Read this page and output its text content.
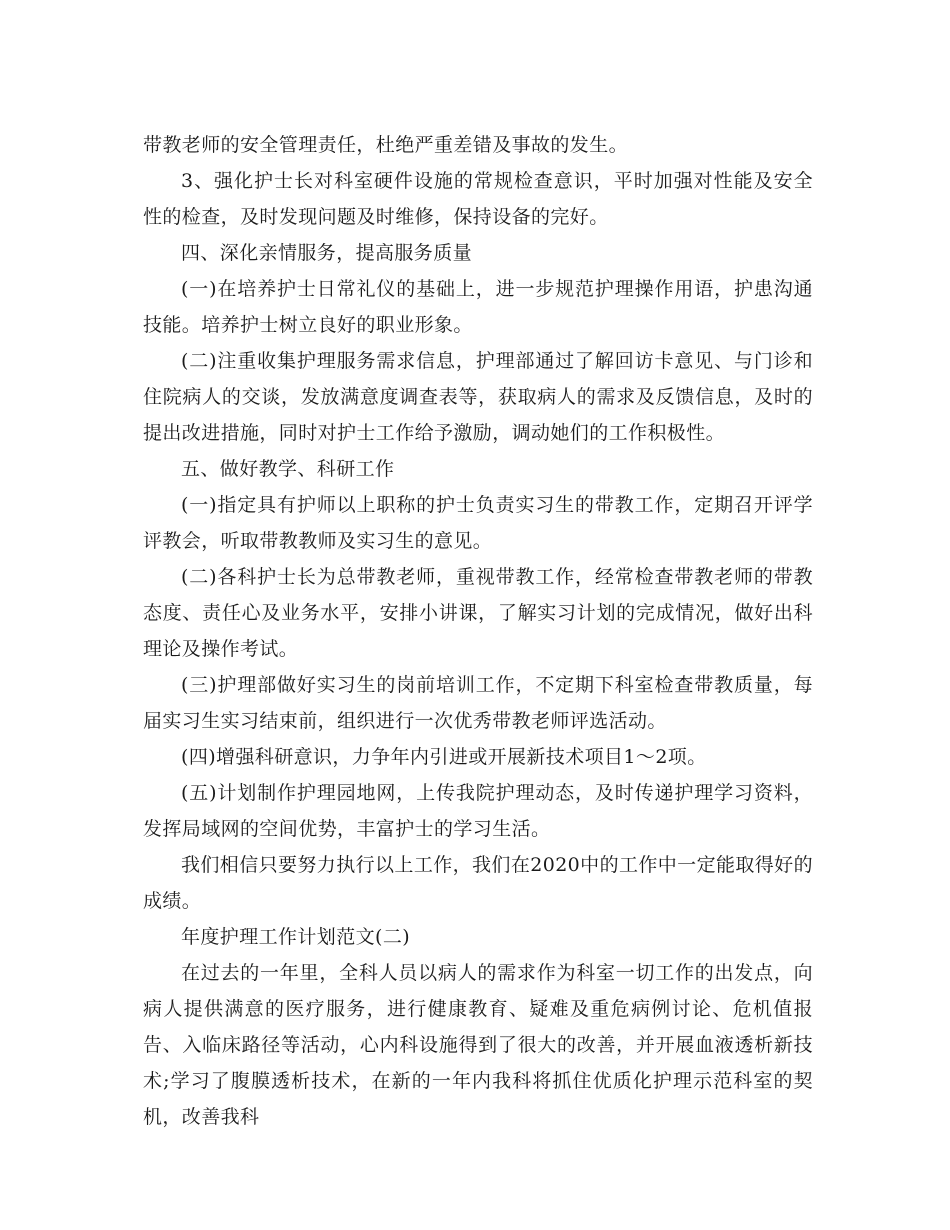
带教老师的安全管理责任，杜绝严重差错及事故的发生。

3、强化护士长对科室硬件设施的常规检查意识，平时加强对性能及安全性的检查，及时发现问题及时维修，保持设备的完好。

四、深化亲情服务，提高服务质量

(一)在培养护士日常礼仪的基础上，进一步规范护理操作用语，护患沟通技能。培养护士树立良好的职业形象。

(二)注重收集护理服务需求信息，护理部通过了解回访卡意见、与门诊和住院病人的交谈，发放满意度调查表等，获取病人的需求及反馈信息，及时的提出改进措施，同时对护士工作给予激励，调动她们的工作积极性。

五、做好教学、科研工作

(一)指定具有护师以上职称的护士负责实习生的带教工作，定期召开评学评教会，听取带教教师及实习生的意见。

(二)各科护士长为总带教老师，重视带教工作，经常检查带教老师的带教态度、责任心及业务水平，安排小讲课，了解实习计划的完成情况，做好出科理论及操作考试。

(三)护理部做好实习生的岗前培训工作，不定期下科室检查带教质量，每届实习生实习结束前，组织进行一次优秀带教老师评选活动。

(四)增强科研意识，力争年内引进或开展新技术项目1～2项。

(五)计划制作护理园地网，上传我院护理动态，及时传递护理学习资料，发挥局域网的空间优势，丰富护士的学习生活。

我们相信只要努力执行以上工作，我们在2020中的工作中一定能取得好的成绩。

年度护理工作计划范文(二)

在过去的一年里，全科人员以病人的需求作为科室一切工作的出发点，向病人提供满意的医疗服务，进行健康教育、疑难及重危病例讨论、危机值报告、入临床路径等活动，心内科设施得到了很大的改善，并开展血液透析新技术;学习了腹膜透析技术，在新的一年内我科将抓住优质化护理示范科室的契机，改善我科
